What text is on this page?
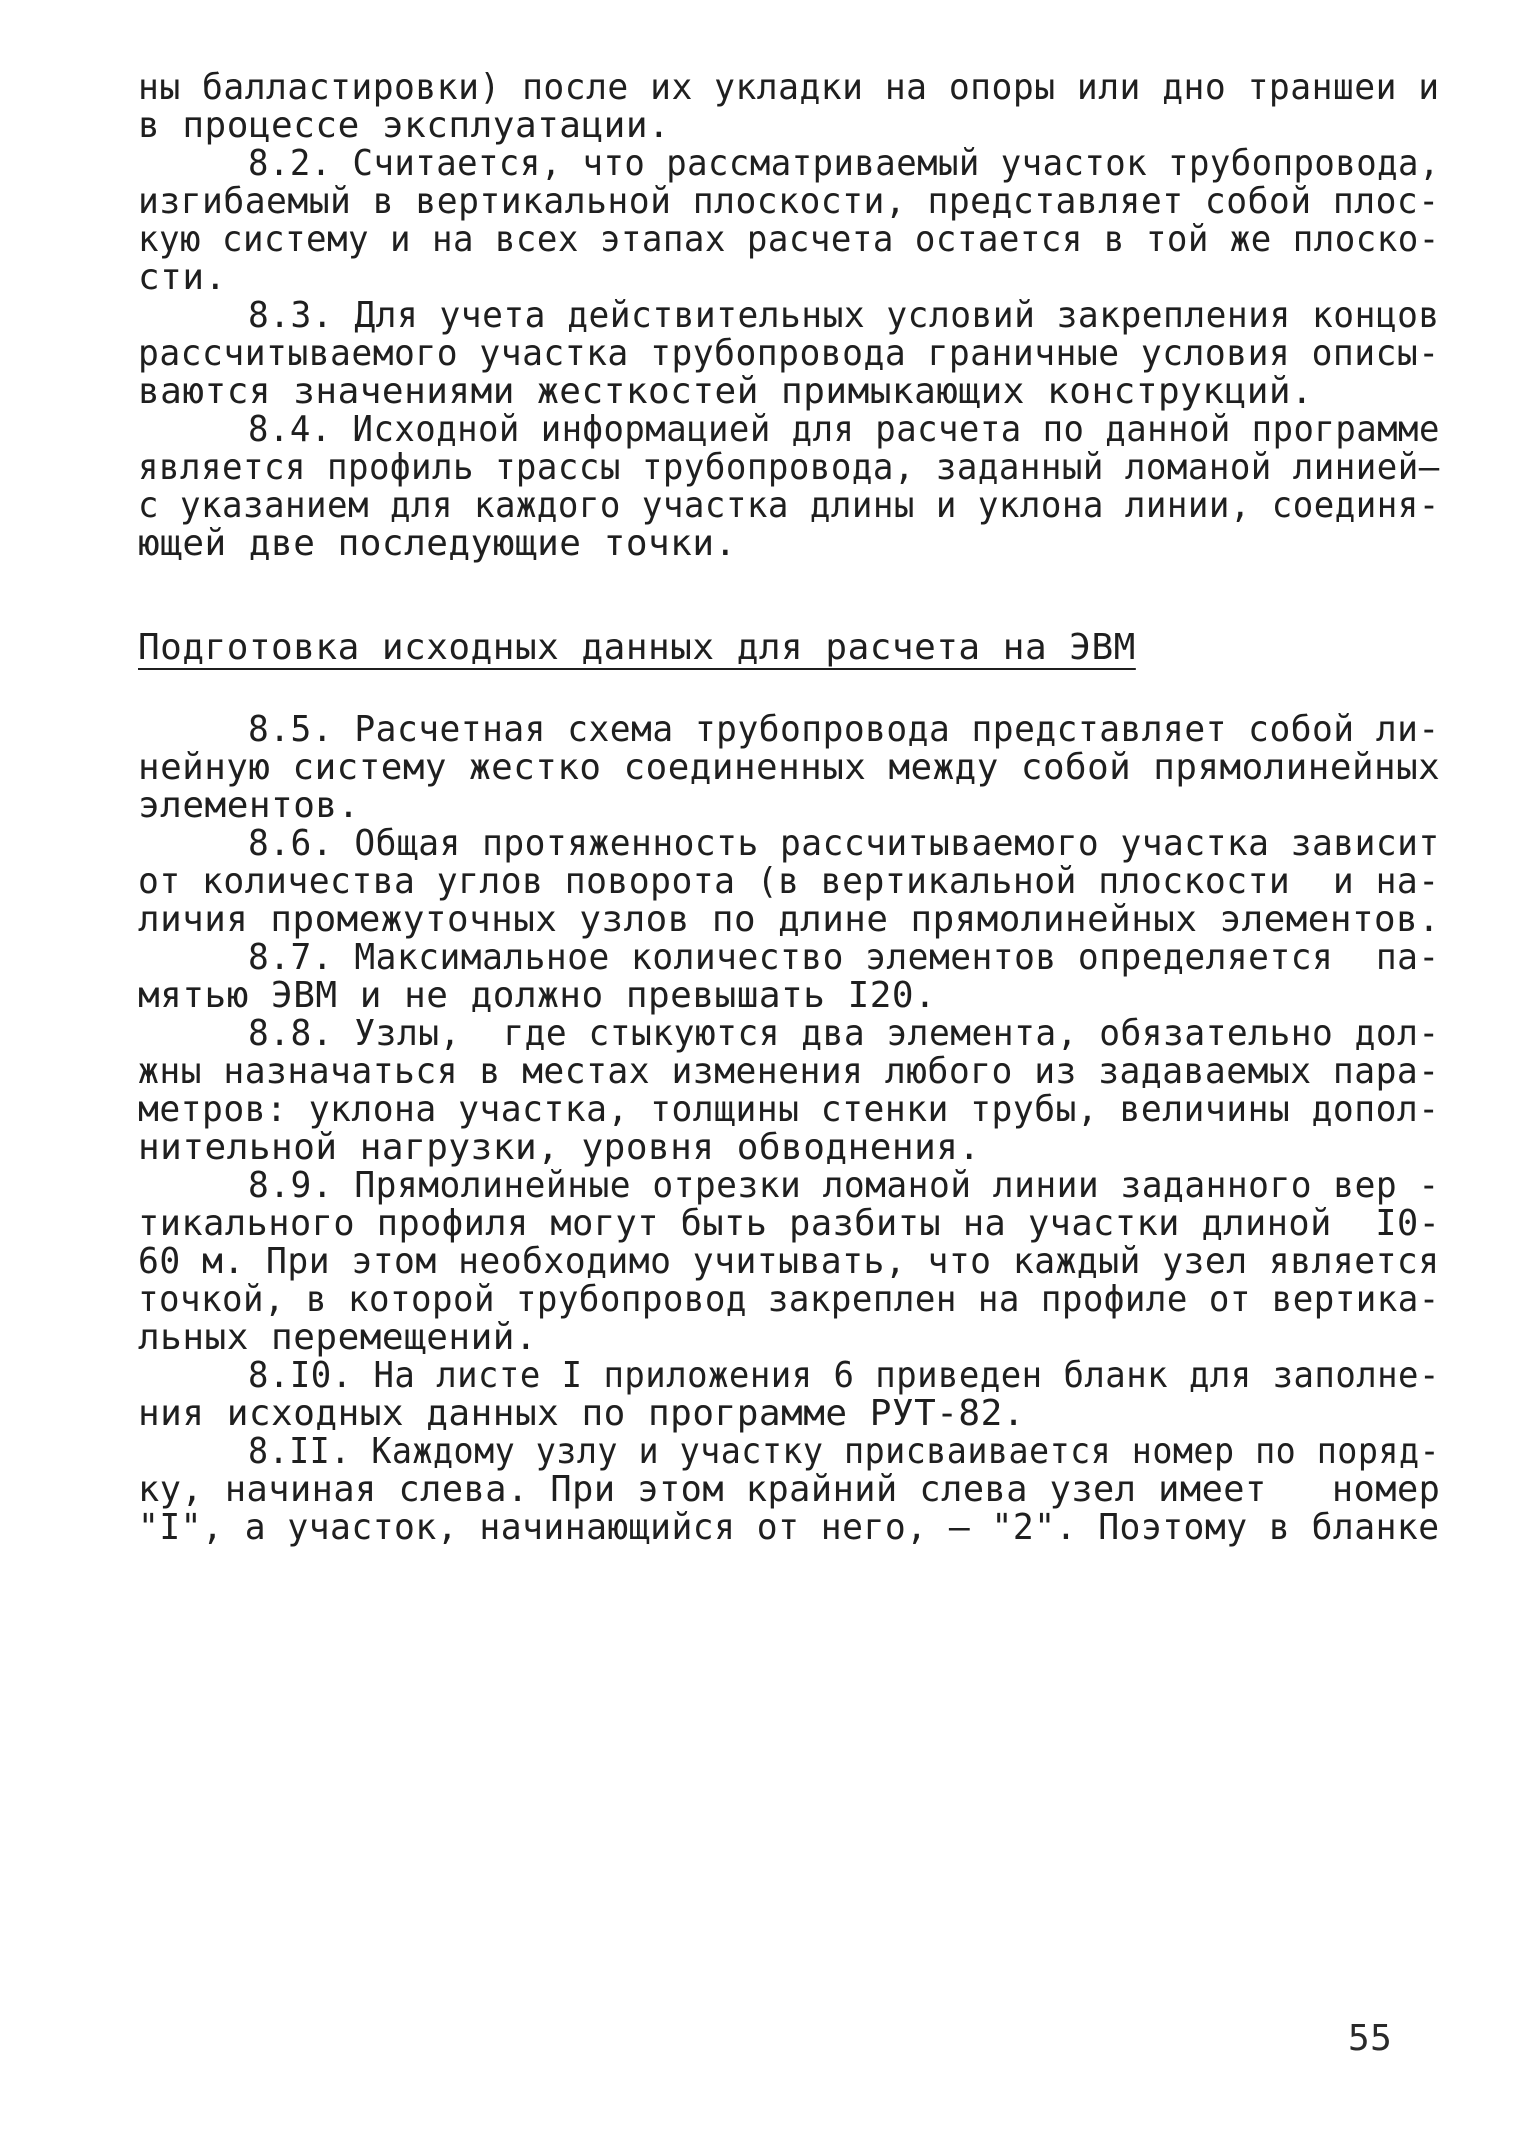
ны балластировки) после их укладки на опоры или дно траншеи и
в процессе эксплуатации.
8.2. Считается, что рассматриваемый участок трубопровода,
изгибаемый в вертикальной плоскости, представляет собой плос-
кую систему и на всех этапах расчета остается в той же плоско-
сти.
8.3. Для учета действительных условий закрепления концов
рассчитываемого участка трубопровода граничные условия описы-
ваются значениями жесткостей примыкающих конструкций.
8.4. Исходной информацией для расчета по данной программе
является профиль трассы трубопровода, заданный ломаной линией–
с указанием для каждого участка длины и уклона линии, соединя-
ющей две последующие точки.
Подготовка исходных данных для расчета на ЭВМ
8.5. Расчетная схема трубопровода представляет собой ли-
нейную систему жестко соединенных между собой прямолинейных
элементов.
8.6. Общая протяженность рассчитываемого участка зависит
от количества углов поворота (в вертикальной плоскости  и на-
личия промежуточных узлов по длине прямолинейных элементов.
8.7. Максимальное количество элементов определяется  па-
мятью ЭВМ и не должно превышать I20.
8.8. Узлы,  где стыкуются два элемента, обязательно дол-
жны назначаться в местах изменения любого из задаваемых пара-
метров: уклона участка, толщины стенки трубы, величины допол-
нительной нагрузки, уровня обводнения.
8.9. Прямолинейные отрезки ломаной линии заданного вер -
тикального профиля могут быть разбиты на участки длиной  I0-
60 м. При этом необходимо учитывать, что каждый узел является
точкой, в которой трубопровод закреплен на профиле от вертика-
льных перемещений.
8.I0. На листе I приложения 6 приведен бланк для заполне-
ния исходных данных по программе РУТ-82.
8.II. Каждому узлу и участку присваивается номер по поряд-
ку, начиная слева. При этом крайний слева узел имеет   номер
"I", а участок, начинающийся от него, – "2". Поэтому в бланке
55
